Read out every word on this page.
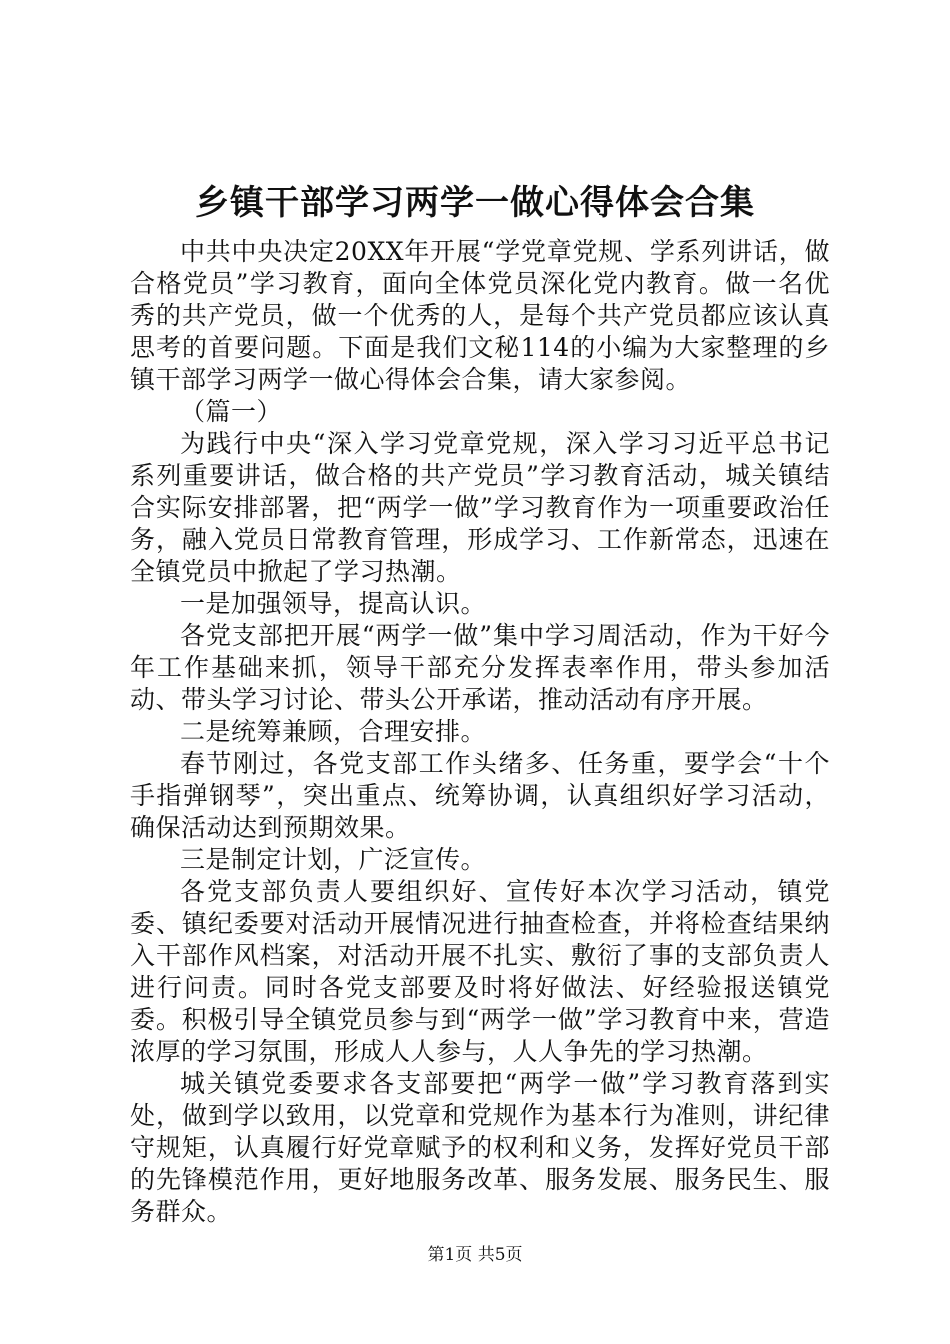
乡镇干部学习两学一做心得体会合集

中共中央决定20XX年开展“学党章党规、学系列讲话，做合格党员”学习教育，面向全体党员深化党内教育。做一名优秀的共产党员，做一个优秀的人，是每个共产党员都应该认真思考的首要问题。下面是我们文秘114的小编为大家整理的乡镇干部学习两学一做心得体会合集，请大家参阅。

（篇一）

为践行中央“深入学习党章党规，深入学习习近平总书记系列重要讲话，做合格的共产党员”学习教育活动，城关镇结合实际安排部署，把“两学一做”学习教育作为一项重要政治任务，融入党员日常教育管理，形成学习、工作新常态，迅速在全镇党员中掀起了学习热潮。

一是加强领导，提高认识。

各党支部把开展“两学一做”集中学习周活动，作为干好今年工作基础来抓，领导干部充分发挥表率作用，带头参加活动、带头学习讨论、带头公开承诺，推动活动有序开展。

二是统筹兼顾，合理安排。

春节刚过，各党支部工作头绪多、任务重，要学会“十个手指弹钢琴”，突出重点、统筹协调，认真组织好学习活动，确保活动达到预期效果。

三是制定计划，广泛宣传。

各党支部负责人要组织好、宣传好本次学习活动，镇党委、镇纪委要对活动开展情况进行抽查检查，并将检查结果纳入干部作风档案，对活动开展不扎实、敷衍了事的支部负责人进行问责。同时各党支部要及时将好做法、好经验报送镇党委。积极引导全镇党员参与到“两学一做”学习教育中来，营造浓厚的学习氛围，形成人人参与，人人争先的学习热潮。

城关镇党委要求各支部要把“两学一做”学习教育落到实处，做到学以致用，以党章和党规作为基本行为准则，讲纪律守规矩，认真履行好党章赋予的权利和义务，发挥好党员干部的先锋模范作用，更好地服务改革、服务发展、服务民生、服务群众。

第1页 共5页
